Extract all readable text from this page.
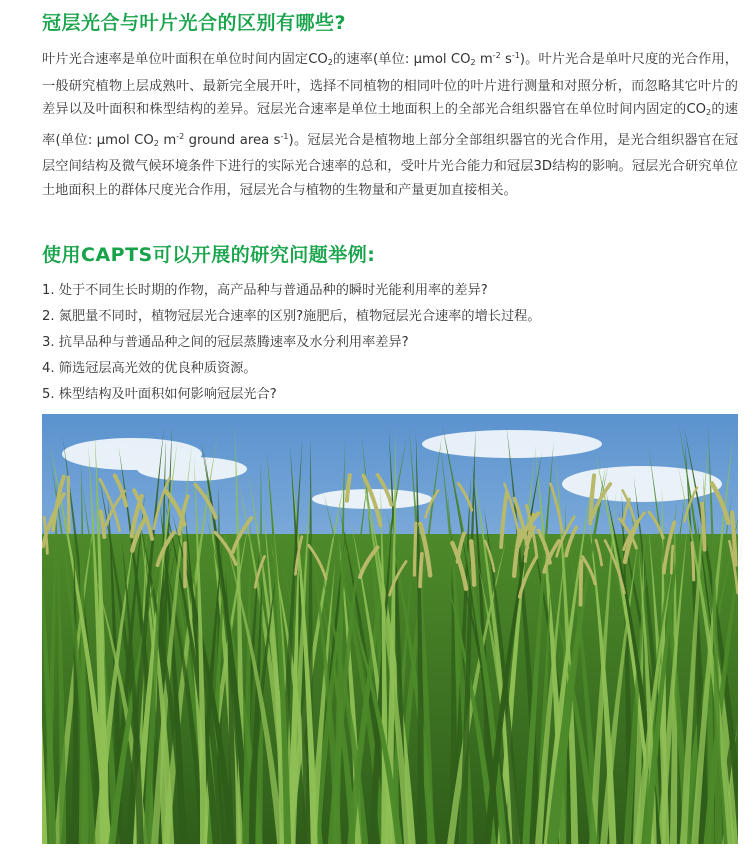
冠层光合与叶片光合的区别有哪些?

叶片光合速率是单位叶面积在单位时间内固定$CO_2$的速率(单位: µmol $CO_2$ $m^{-2}$ $s^{-1}$)。叶片光合是单叶尺度的光合作用，一般研究植物上层成熟叶、最新完全展开叶，选择不同植物的相同叶位的叶片进行测量和对照分析，而忽略其它叶片的差异以及叶面积和株型结构的差异。冠层光合速率是单位土地面积上的全部光合组织器官在单位时间内固定的$CO_2$的速率(单位: µmol $CO_2$ $m^{-2}$ ground area $s^{-1}$)。冠层光合是植物地上部分全部组织器官的光合作用，是光合组织器官在冠层空间结构及微气候环境条件下进行的实际光合速率的总和，受叶片光合能力和冠层3D结构的影响。冠层光合研究单位土地面积上的群体尺度光合作用，冠层光合与植物的生物量和产量更加直接相关。

使用CAPTS可以开展的研究问题举例:
1. 处于不同生长时期的作物，高产品种与普通品种的瞬时光能利用率的差异?
2. 氮肥量不同时，植物冠层光合速率的区别?施肥后，植物冠层光合速率的增长过程。
3. 抗旱品种与普通品种之间的冠层蒸腾速率及水分利用率差异?
4. 筛选冠层高光效的优良种质资源。
5. 株型结构及叶面积如何影响冠层光合?
